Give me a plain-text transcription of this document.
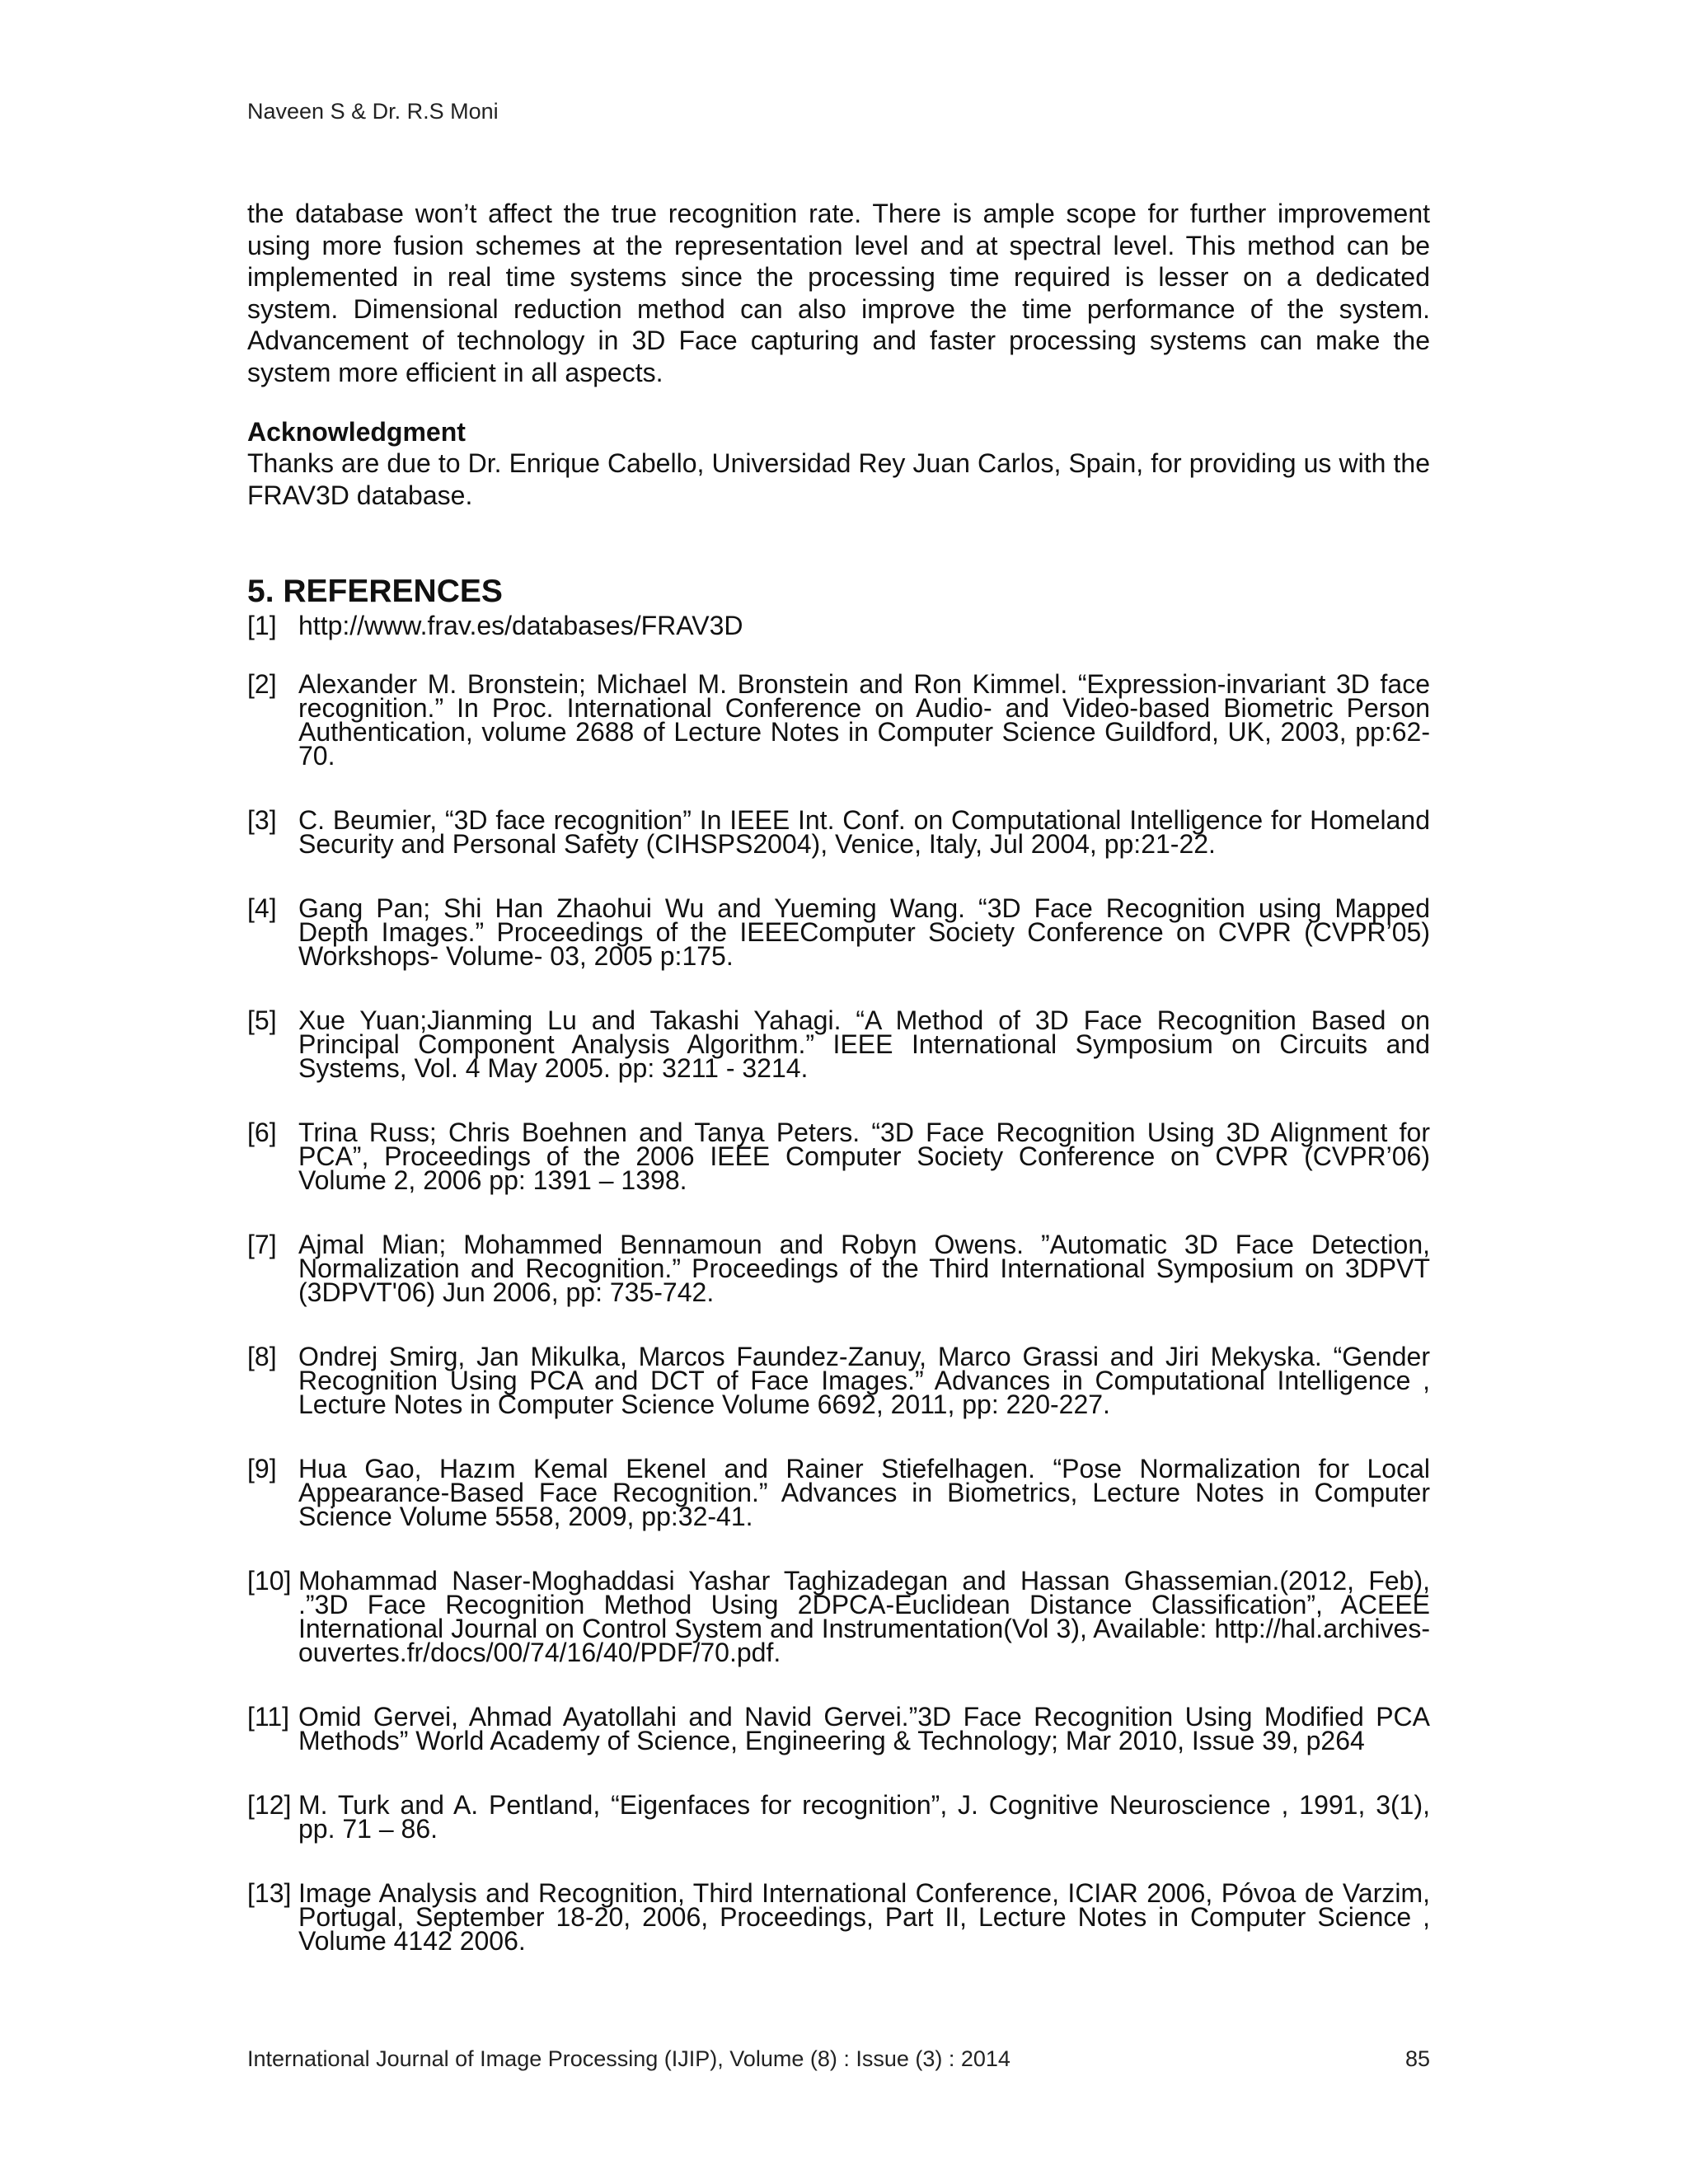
Naveen S & Dr. R.S Moni

the database won’t affect the true recognition rate. There is ample scope for further improvement using more fusion schemes at the representation level and at spectral level. This method can be implemented in real time systems since the processing time required is lesser on a dedicated system. Dimensional reduction method can also improve the time performance of the system. Advancement of technology in 3D Face capturing and faster processing systems can make the system more efficient in all aspects.

Acknowledgment

Thanks are due to Dr. Enrique Cabello, Universidad Rey Juan Carlos, Spain, for providing us with the FRAV3D database.

5. REFERENCES
[1] http://www.frav.es/databases/FRAV3D
[2] Alexander M. Bronstein; Michael M. Bronstein and Ron Kimmel. “Expression-invariant 3D face recognition.” In Proc. International Conference on Audio- and Video-based Biometric Person Authentication, volume 2688 of Lecture Notes in Computer Science Guildford, UK, 2003, pp:62-70.
[3] C. Beumier, “3D face recognition” In IEEE Int. Conf. on Computational Intelligence for Homeland Security and Personal Safety (CIHSPS2004), Venice, Italy, Jul 2004, pp:21-22.
[4] Gang Pan; Shi Han Zhaohui Wu and Yueming Wang. “3D Face Recognition using Mapped Depth Images.” Proceedings of the IEEEComputer Society Conference on CVPR (CVPR’05) Workshops- Volume- 03, 2005 p:175.
[5] Xue Yuan;Jianming Lu and Takashi Yahagi. “A Method of 3D Face Recognition Based on Principal Component Analysis Algorithm.” IEEE International Symposium on Circuits and Systems, Vol. 4 May 2005. pp: 3211 - 3214.
[6] Trina Russ; Chris Boehnen and Tanya Peters. “3D Face Recognition Using 3D Alignment for PCA”, Proceedings of the 2006 IEEE Computer Society Conference on CVPR (CVPR’06) Volume 2, 2006 pp: 1391 – 1398.
[7] Ajmal Mian; Mohammed Bennamoun and Robyn Owens. ”Automatic 3D Face Detection, Normalization and Recognition.” Proceedings of the Third International Symposium on 3DPVT (3DPVT'06) Jun 2006, pp: 735-742.
[8] Ondrej Smirg, Jan Mikulka, Marcos Faundez-Zanuy, Marco Grassi and Jiri Mekyska. “Gender Recognition Using PCA and DCT of Face Images.” Advances in Computational Intelligence , Lecture Notes in Computer Science Volume 6692, 2011, pp: 220-227.
[9] Hua Gao, Hazım Kemal Ekenel and Rainer Stiefelhagen. “Pose Normalization for Local Appearance-Based Face Recognition.” Advances in Biometrics, Lecture Notes in Computer Science Volume 5558, 2009, pp:32-41.
[10] Mohammad Naser-Moghaddasi Yashar Taghizadegan and Hassan Ghassemian.(2012, Feb), .”3D Face Recognition Method Using 2DPCA-Euclidean Distance Classification”, ACEEE International Journal on Control System and Instrumentation(Vol 3), Available: http://hal.archives-ouvertes.fr/docs/00/74/16/40/PDF/70.pdf.
[11] Omid Gervei, Ahmad Ayatollahi and Navid Gervei.”3D Face Recognition Using Modified PCA Methods” World Academy of Science, Engineering & Technology; Mar 2010, Issue 39, p264
[12] M. Turk and A. Pentland, “Eigenfaces for recognition”, J. Cognitive Neuroscience , 1991, 3(1), pp. 71 – 86.
[13] Image Analysis and Recognition, Third International Conference, ICIAR 2006, Póvoa de Varzim, Portugal, September 18-20, 2006, Proceedings, Part II, Lecture Notes in Computer Science , Volume 4142 2006.
International Journal of Image Processing (IJIP), Volume (8) : Issue (3) : 2014	85
